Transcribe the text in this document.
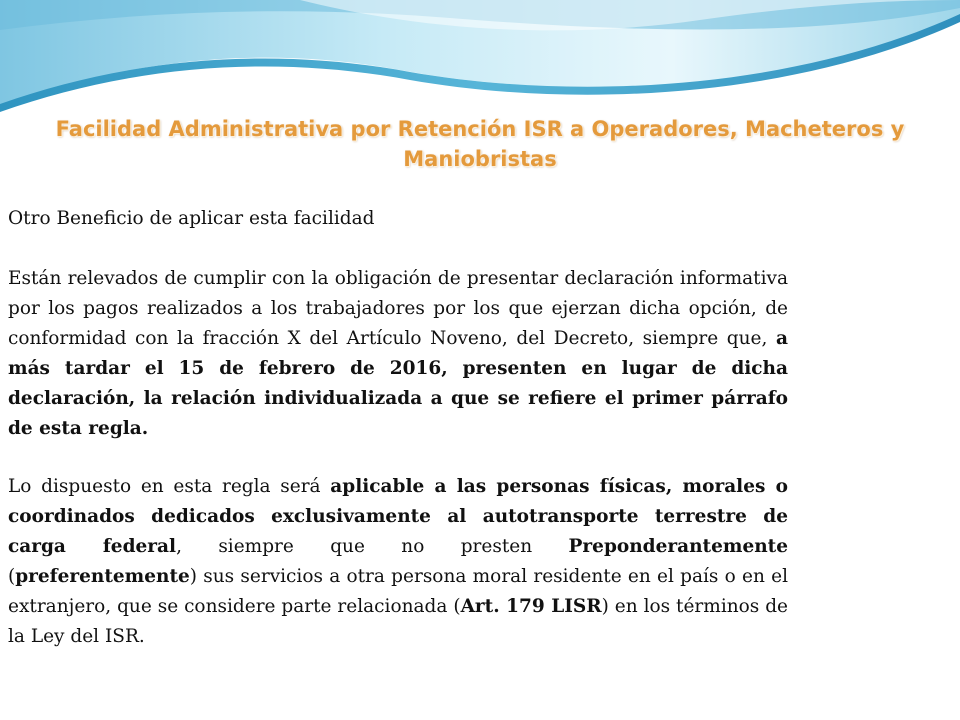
Facilidad Administrativa por Retención ISR a Operadores, Macheteros y
Maniobristas

Otro Beneficio de aplicar esta facilidad

Están relevados de cumplir con la obligación de presentar declaración informativa por los pagos realizados a los trabajadores por los que ejerzan dicha opción, de conformidad con la fracción X del Artículo Noveno, del Decreto, siempre que, a más tardar el 15 de febrero de 2016, presenten en lugar de dicha declaración, la relación individualizada a que se refiere el primer párrafo de esta regla.

Lo dispuesto en esta regla será aplicable a las personas físicas, morales o coordinados dedicados exclusivamente al autotransporte terrestre de carga federal, siempre que no presten Preponderantemente (preferentemente) sus servicios a otra persona moral residente en el país o en el extranjero, que se considere parte relacionada (Art. 179 LISR) en los términos de la Ley del ISR.
